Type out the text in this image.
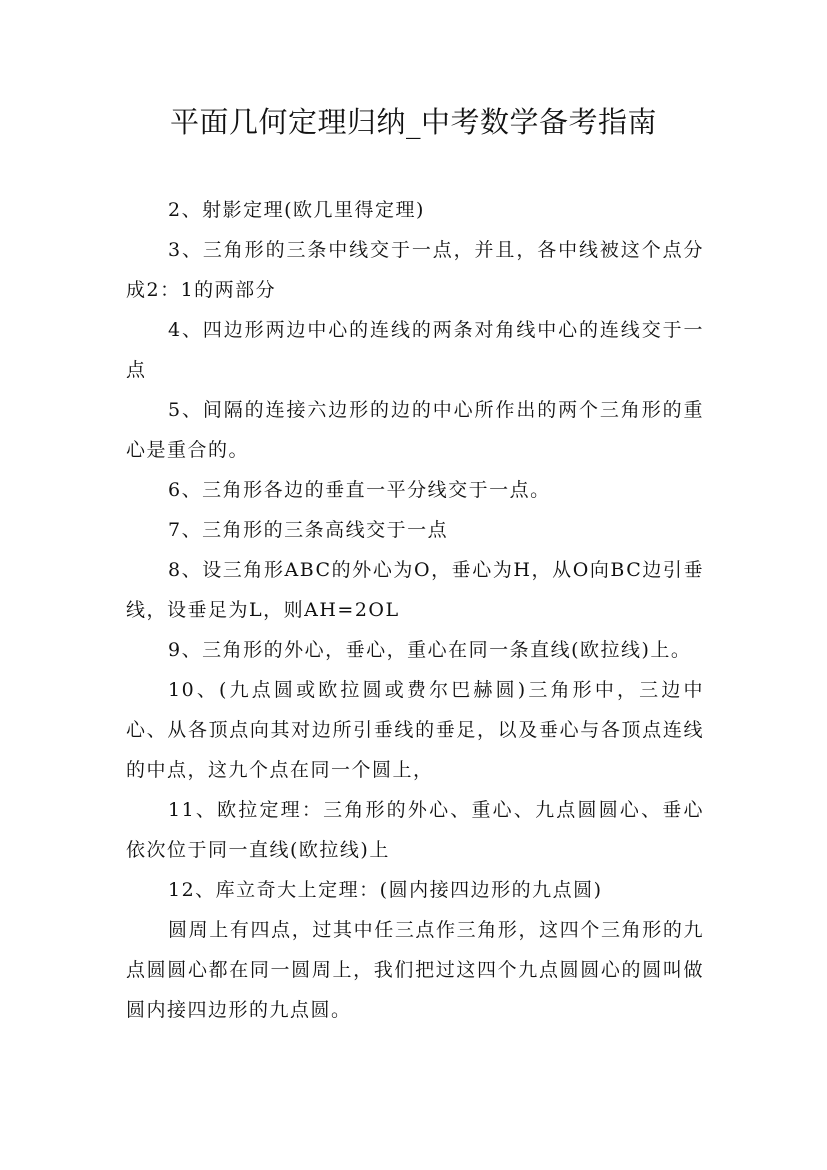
平面几何定理归纳_中考数学备考指南

2、射影定理(欧几里得定理)

3、三角形的三条中线交于一点，并且，各中线被这个点分成2：1的两部分

4、四边形两边中心的连线的两条对角线中心的连线交于一点

5、间隔的连接六边形的边的中心所作出的两个三角形的重心是重合的。

6、三角形各边的垂直一平分线交于一点。

7、三角形的三条高线交于一点

8、设三角形ABC的外心为O，垂心为H，从O向BC边引垂线，设垂足为L，则AH=2OL

9、三角形的外心，垂心，重心在同一条直线(欧拉线)上。

10、(九点圆或欧拉圆或费尔巴赫圆)三角形中，三边中心、从各顶点向其对边所引垂线的垂足，以及垂心与各顶点连线的中点，这九个点在同一个圆上，

11、欧拉定理：三角形的外心、重心、九点圆圆心、垂心依次位于同一直线(欧拉线)上

12、库立奇大上定理：(圆内接四边形的九点圆)

圆周上有四点，过其中任三点作三角形，这四个三角形的九点圆圆心都在同一圆周上，我们把过这四个九点圆圆心的圆叫做圆内接四边形的九点圆。
